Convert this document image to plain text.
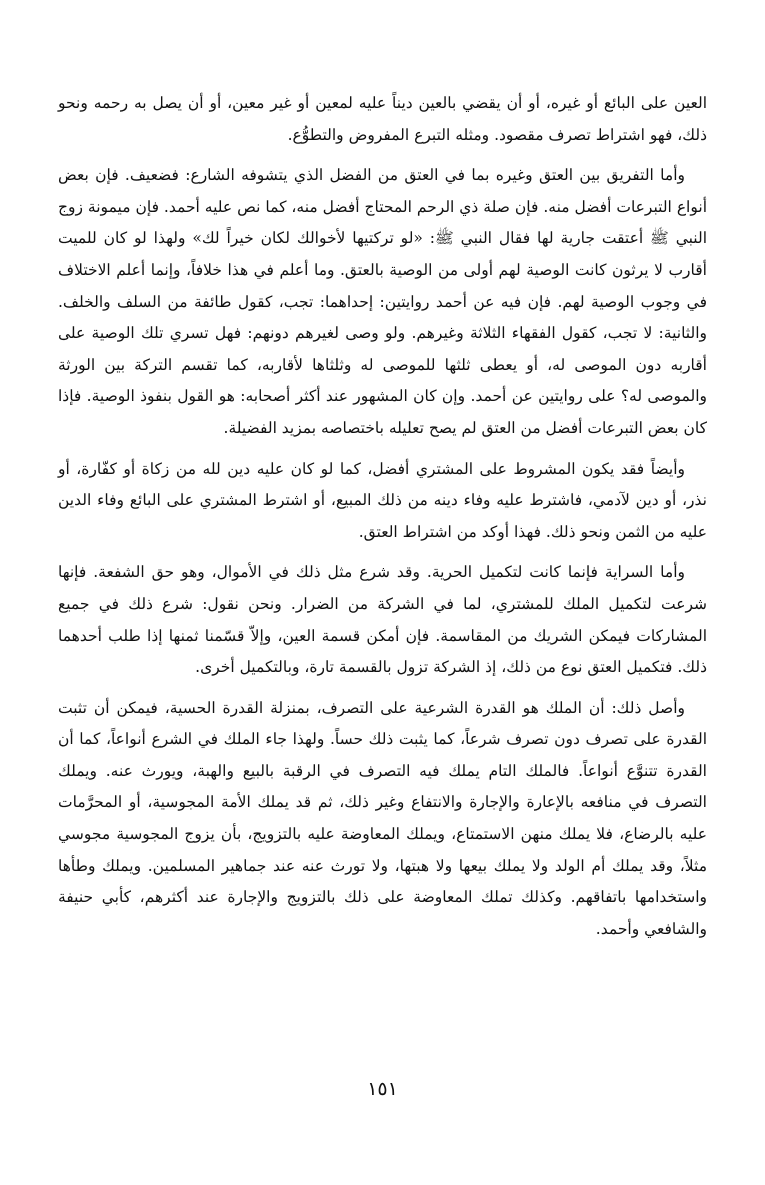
العين على البائع أو غيره، أو أن يقضي بالعين ديناً عليه لمعين أو غير معين، أو أن يصل به رحمه ونحو ذلك، فهو اشتراط تصرف مقصود. ومثله التبرع المفروض والتطوُّع.

وأما التفريق بين العتق وغيره بما في العتق من الفضل الذي يتشوفه الشارع: فضعيف. فإن بعض أنواع التبرعات أفضل منه. فإن صلة ذي الرحم المحتاج أفضل منه، كما نص عليه أحمد. فإن ميمونة زوج النبي ﷺ أعتقت جارية لها فقال النبي ﷺ: «لو تركتيها لأخوالك لكان خيراً لك» ولهذا لو كان للميت أقارب لا يرثون كانت الوصية لهم أولى من الوصية بالعتق. وما أعلم في هذا خلافاً، وإنما أعلم الاختلاف في وجوب الوصية لهم. فإن فيه عن أحمد روايتين: إحداهما: تجب، كقول طائفة من السلف والخلف. والثانية: لا تجب، كقول الفقهاء الثلاثة وغيرهم. ولو وصى لغيرهم دونهم: فهل تسري تلك الوصية على أقاربه دون الموصى له، أو يعطى ثلثها للموصى له وثلثاها لأقاربه، كما تقسم التركة بين الورثة والموصى له؟ على روايتين عن أحمد. وإن كان المشهور عند أكثر أصحابه: هو القول بنفوذ الوصية. فإذا كان بعض التبرعات أفضل من العتق لم يصح تعليله باختصاصه بمزيد الفضيلة.

وأيضاً فقد يكون المشروط على المشتري أفضل، كما لو كان عليه دين لله من زكاة أو كفّارة، أو نذر، أو دين لآدمي، فاشترط عليه وفاء دينه من ذلك المبيع، أو اشترط المشتري على البائع وفاء الدين عليه من الثمن ونحو ذلك. فهذا أوكد من اشتراط العتق.

وأما السراية فإنما كانت لتكميل الحرية. وقد شرع مثل ذلك في الأموال، وهو حق الشفعة. فإنها شرعت لتكميل الملك للمشتري، لما في الشركة من الضرار. ونحن نقول: شرع ذلك في جميع المشاركات فيمكن الشريك من المقاسمة. فإن أمكن قسمة العين، وإلاّ قسّمنا ثمنها إذا طلب أحدهما ذلك. فتكميل العتق نوع من ذلك، إذ الشركة تزول بالقسمة تارة، وبالتكميل أخرى.

وأصل ذلك: أن الملك هو القدرة الشرعية على التصرف، بمنزلة القدرة الحسية، فيمكن أن تثبت القدرة على تصرف دون تصرف شرعاً، كما يثبت ذلك حساً. ولهذا جاء الملك في الشرع أنواعاً، كما أن القدرة تتنوَّع أنواعاً. فالملك التام يملك فيه التصرف في الرقبة بالبيع والهبة، ويورث عنه. ويملك التصرف في منافعه بالإعارة والإجارة والانتفاع وغير ذلك، ثم قد يملك الأمة المجوسية، أو المحرَّمات عليه بالرضاع، فلا يملك منهن الاستمتاع، ويملك المعاوضة عليه بالتزويج، بأن يزوج المجوسية مجوسي مثلاً، وقد يملك أم الولد ولا يملك بيعها ولا هبتها، ولا تورث عنه عند جماهير المسلمين. ويملك وطأها واستخدامها باتفاقهم. وكذلك تملك المعاوضة على ذلك بالتزويج والإجارة عند أكثرهم، كأبي حنيفة والشافعي وأحمد.

١٥١
